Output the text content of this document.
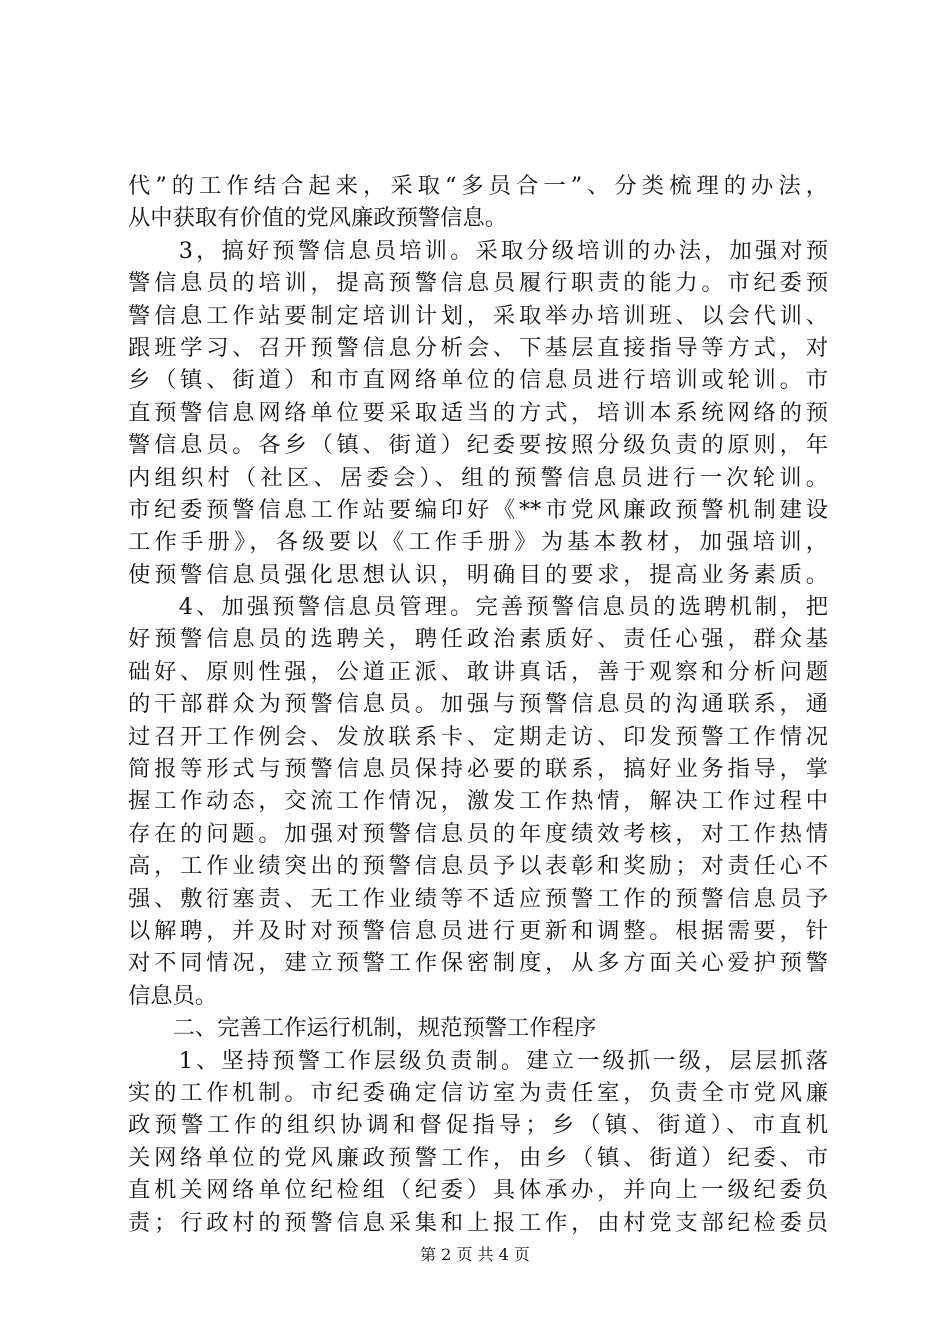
代”的工作结合起来，采取“多员合一”、分类梳理的办法，
从中获取有价值的党风廉政预警信息。
　　3，搞好预警信息员培训。采取分级培训的办法，加强对预
警信息员的培训，提高预警信息员履行职责的能力。市纪委预
警信息工作站要制定培训计划，采取举办培训班、以会代训、
跟班学习、召开预警信息分析会、下基层直接指导等方式，对
乡（镇、街道）和市直网络单位的信息员进行培训或轮训。市
直预警信息网络单位要采取适当的方式，培训本系统网络的预
警信息员。各乡（镇、街道）纪委要按照分级负责的原则，年
内组织村（社区、居委会）、组的预警信息员进行一次轮训。
市纪委预警信息工作站要编印好《**市党风廉政预警机制建设
工作手册》，各级要以《工作手册》为基本教材，加强培训，
使预警信息员强化思想认识，明确目的要求，提高业务素质。
　　4、加强预警信息员管理。完善预警信息员的选聘机制，把
好预警信息员的选聘关，聘任政治素质好、责任心强，群众基
础好、原则性强，公道正派、敢讲真话，善于观察和分析问题
的干部群众为预警信息员。加强与预警信息员的沟通联系，通
过召开工作例会、发放联系卡、定期走访、印发预警工作情况
简报等形式与预警信息员保持必要的联系，搞好业务指导，掌
握工作动态，交流工作情况，激发工作热情，解决工作过程中
存在的问题。加强对预警信息员的年度绩效考核，对工作热情
高，工作业绩突出的预警信息员予以表彰和奖励；对责任心不
强、敷衍塞责、无工作业绩等不适应预警工作的预警信息员予
以解聘，并及时对预警信息员进行更新和调整。根据需要，针
对不同情况，建立预警工作保密制度，从多方面关心爱护预警
信息员。
　　二、完善工作运行机制，规范预警工作程序
　　1、坚持预警工作层级负责制。建立一级抓一级，层层抓落
实的工作机制。市纪委确定信访室为责任室，负责全市党风廉
政预警工作的组织协调和督促指导；乡（镇、街道）、市直机
关网络单位的党风廉政预警工作，由乡（镇、街道）纪委、市
直机关网络单位纪检组（纪委）具体承办，并向上一级纪委负
责；行政村的预警信息采集和上报工作，由村党支部纪检委员
第 2 页 共 4 页
